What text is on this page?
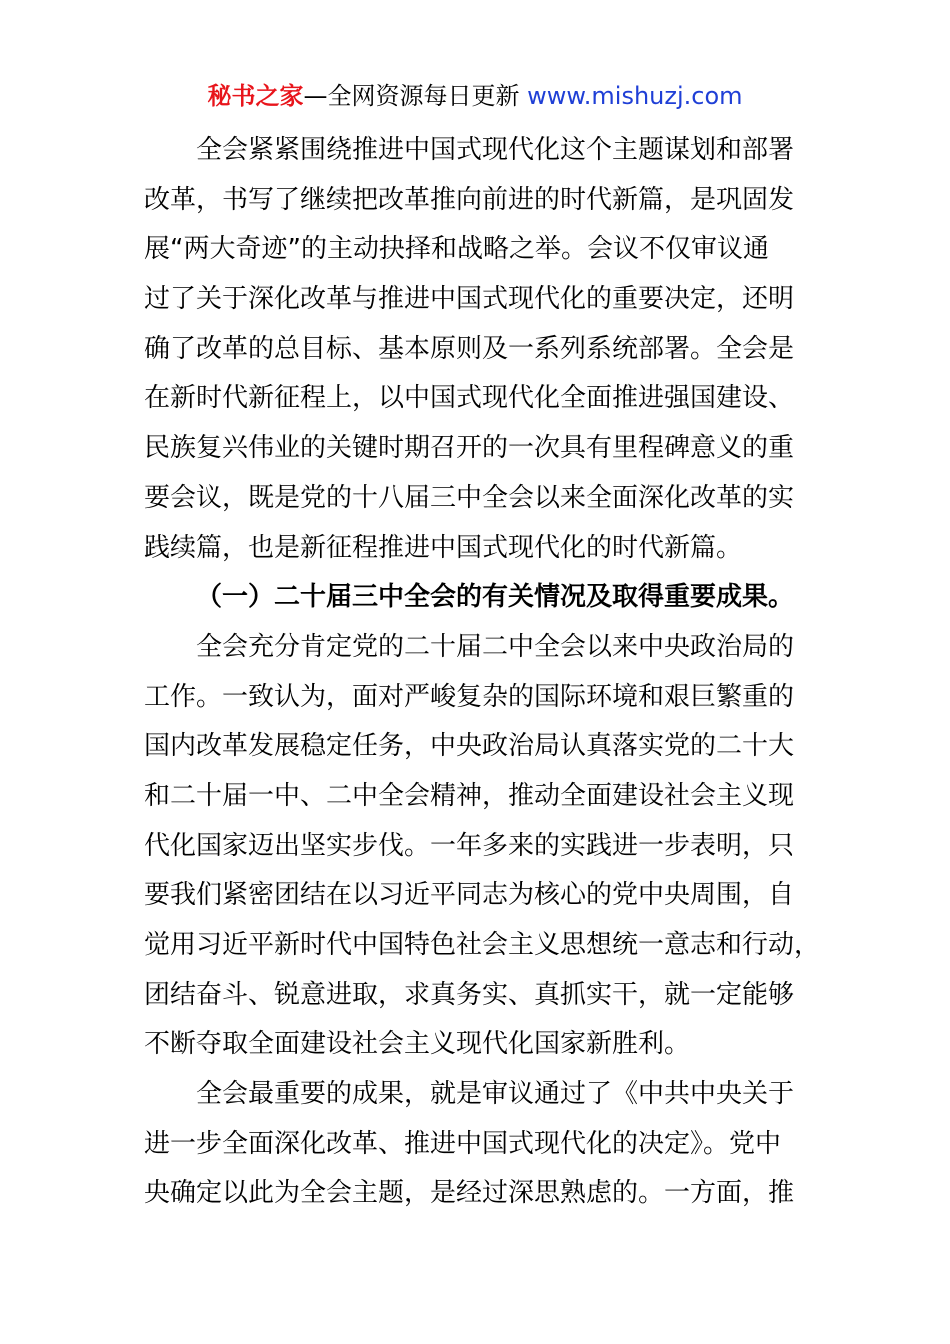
秘书之家—全网资源每日更新 www.mishuzj.com
全会紧紧围绕推进中国式现代化这个主题谋划和部署
改革，书写了继续把改革推向前进的时代新篇，是巩固发
展“两大奇迹”的主动抉择和战略之举。会议不仅审议通
过了关于深化改革与推进中国式现代化的重要决定，还明
确了改革的总目标、基本原则及一系列系统部署。全会是
在新时代新征程上，以中国式现代化全面推进强国建设、
民族复兴伟业的关键时期召开的一次具有里程碑意义的重
要会议，既是党的十八届三中全会以来全面深化改革的实
践续篇，也是新征程推进中国式现代化的时代新篇。
（一）二十届三中全会的有关情况及取得重要成果。
全会充分肯定党的二十届二中全会以来中央政治局的
工作。一致认为，面对严峻复杂的国际环境和艰巨繁重的
国内改革发展稳定任务，中央政治局认真落实党的二十大
和二十届一中、二中全会精神，推动全面建设社会主义现
代化国家迈出坚实步伐。一年多来的实践进一步表明，只
要我们紧密团结在以习近平同志为核心的党中央周围，自
觉用习近平新时代中国特色社会主义思想统一意志和行动，
团结奋斗、锐意进取，求真务实、真抓实干，就一定能够
不断夺取全面建设社会主义现代化国家新胜利。
全会最重要的成果，就是审议通过了《中共中央关于
进一步全面深化改革、推进中国式现代化的决定》。党中
央确定以此为全会主题，是经过深思熟虑的。一方面，推
